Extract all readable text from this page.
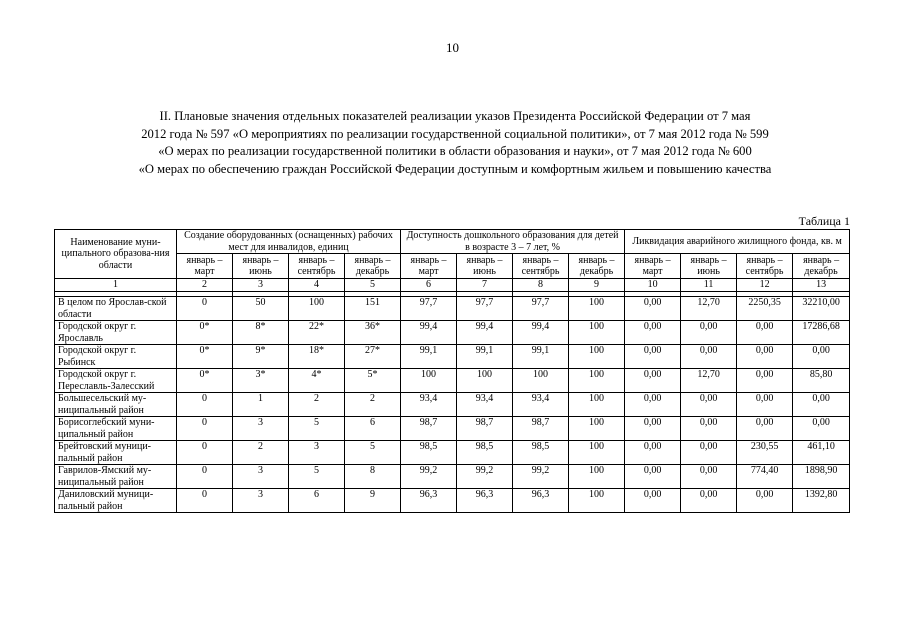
10
II. Плановые значения отдельных показателей реализации указов Президента Российской Федерации от 7 мая
2012 года № 597 «О мероприятиях по реализации государственной социальной политики», от 7 мая 2012 года № 599
«О мерах по реализации государственной политики в области образования и науки», от 7 мая 2012 года № 600
«О мерах по обеспечению граждан Российской Федерации доступным и комфортным жильем и повышению качества
Таблица 1
Наименование муни-ципального образова-ния области	Создание оборудованных (оснащенных) рабочих мест для инвалидов, единиц				Доступность дошкольного образования для детей в возрасте 3 – 7 лет, %				Ликвидация аварийного жилищного фонда, кв. м			
	январь – март	январь – июнь	январь – сентябрь	январь – декабрь	январь – март	январь – июнь	январь – сентябрь	январь – декабрь	январь – март	январь – июнь	январь – сентябрь	январь – декабрь
1	2	3	4	5	6	7	8	9	10	11	12	13

В целом по Ярослав-ской области	0	50	100	151	97,7	97,7	97,7	100	0,00	12,70	2250,35	32210,00
Городской округ г. Ярославль	0*	8*	22*	36*	99,4	99,4	99,4	100	0,00	0,00	0,00	17286,68
Городской округ г. Рыбинск	0*	9*	18*	27*	99,1	99,1	99,1	100	0,00	0,00	0,00	0,00
Городской округ г. Переславль-Залесский	0*	3*	4*	5*	100	100	100	100	0,00	12,70	0,00	85,80
Большесельский му-ниципальный район	0	1	2	2	93,4	93,4	93,4	100	0,00	0,00	0,00	0,00
Борисоглебский муни-ципальный район	0	3	5	6	98,7	98,7	98,7	100	0,00	0,00	0,00	0,00
Брейтовский муници-пальный район	0	2	3	5	98,5	98,5	98,5	100	0,00	0,00	230,55	461,10
Гаврилов-Ямский му-ниципальный район	0	3	5	8	99,2	99,2	99,2	100	0,00	0,00	774,40	1898,90
Даниловский муници-пальный район	0	3	6	9	96,3	96,3	96,3	100	0,00	0,00	0,00	1392,80
